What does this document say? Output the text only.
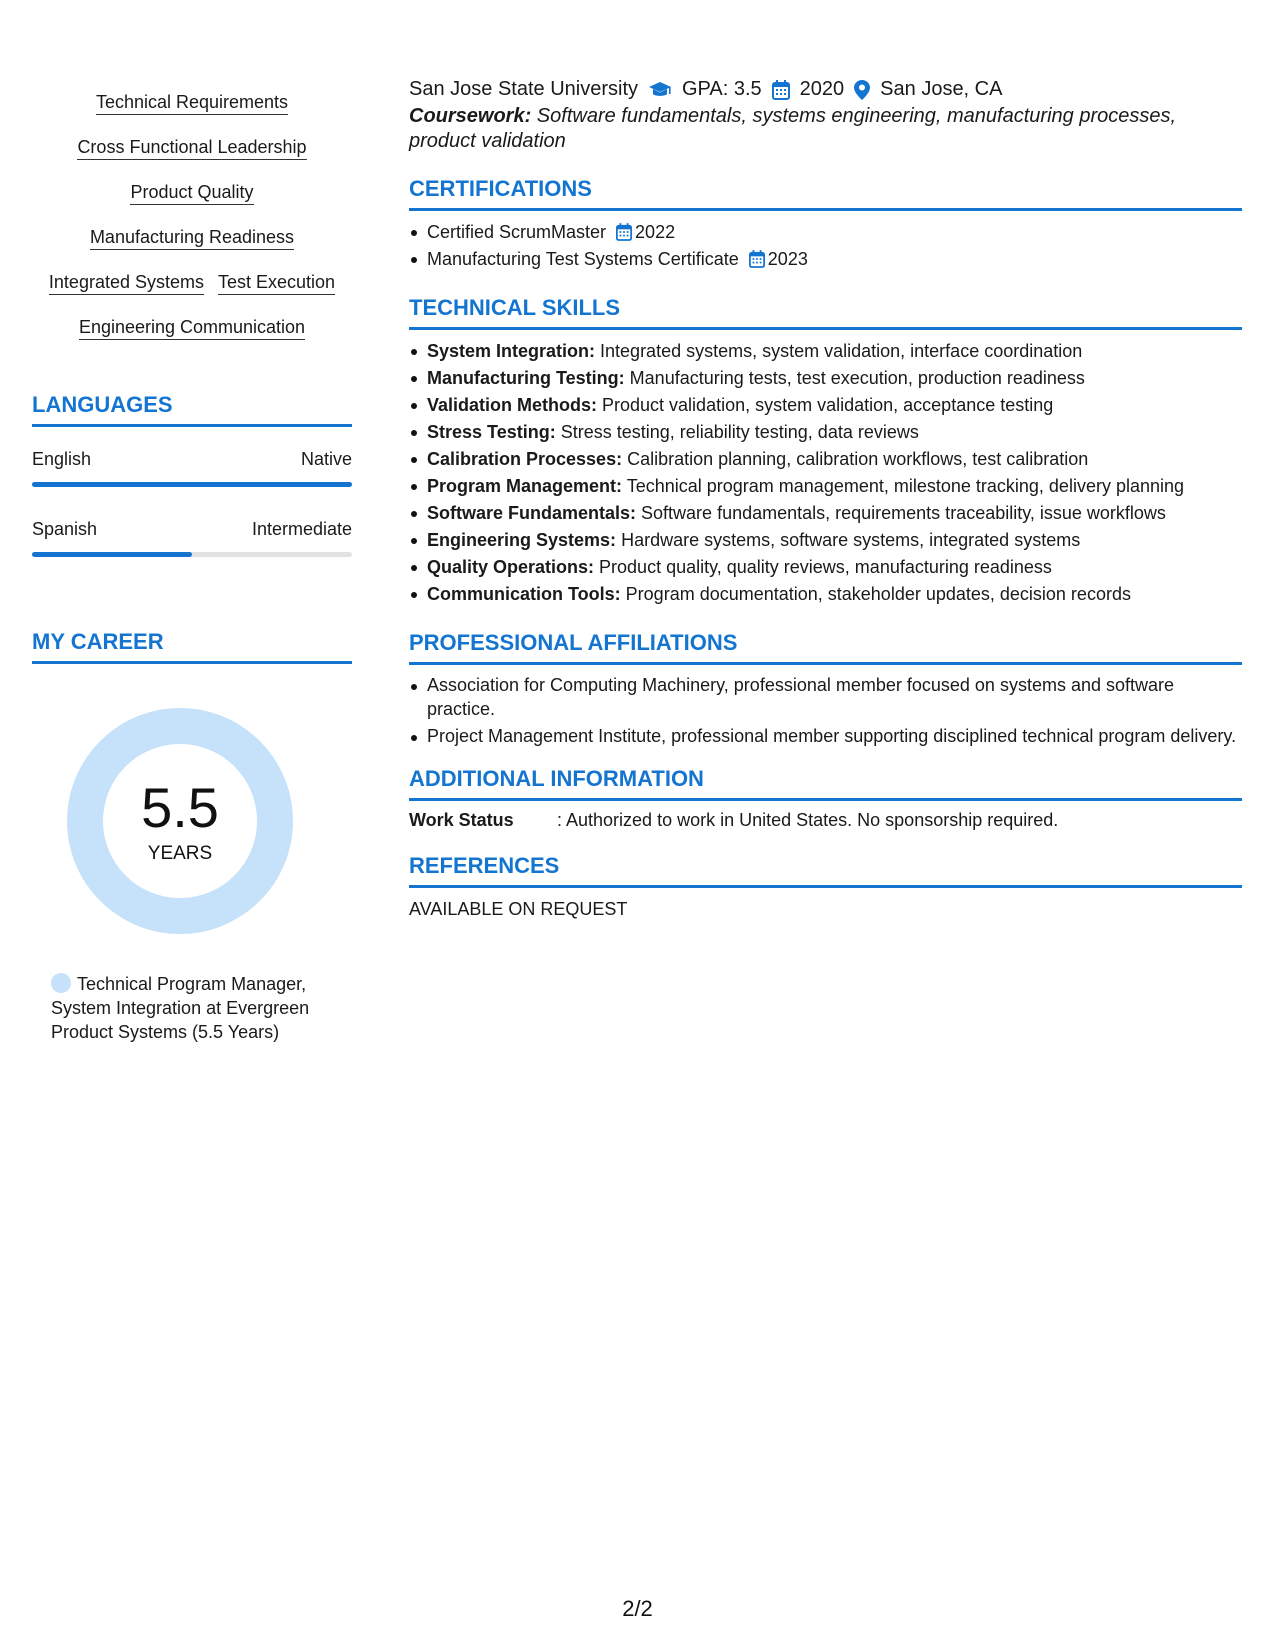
Technical Requirements
Cross Functional Leadership
Product Quality
Manufacturing Readiness
Integrated Systems Test Execution
Engineering Communication
LANGUAGES
English	Native
Spanish	Intermediate
MY CAREER
5.5
YEARS
Technical Program Manager, System Integration at Evergreen Product Systems (5.5 Years)
San Jose State University GPA: 3.5 2020 San Jose, CA
Coursework: Software fundamentals, systems engineering, manufacturing processes, product validation
CERTIFICATIONS
Certified ScrumMaster 2022
Manufacturing Test Systems Certificate 2023
TECHNICAL SKILLS
System Integration: Integrated systems, system validation, interface coordination
Manufacturing Testing: Manufacturing tests, test execution, production readiness
Validation Methods: Product validation, system validation, acceptance testing
Stress Testing: Stress testing, reliability testing, data reviews
Calibration Processes: Calibration planning, calibration workflows, test calibration
Program Management: Technical program management, milestone tracking, delivery planning
Software Fundamentals: Software fundamentals, requirements traceability, issue workflows
Engineering Systems: Hardware systems, software systems, integrated systems
Quality Operations: Product quality, quality reviews, manufacturing readiness
Communication Tools: Program documentation, stakeholder updates, decision records
PROFESSIONAL AFFILIATIONS
Association for Computing Machinery, professional member focused on systems and software practice.
Project Management Institute, professional member supporting disciplined technical program delivery.
ADDITIONAL INFORMATION
Work Status	: Authorized to work in United States. No sponsorship required.
REFERENCES
AVAILABLE ON REQUEST
2/2
